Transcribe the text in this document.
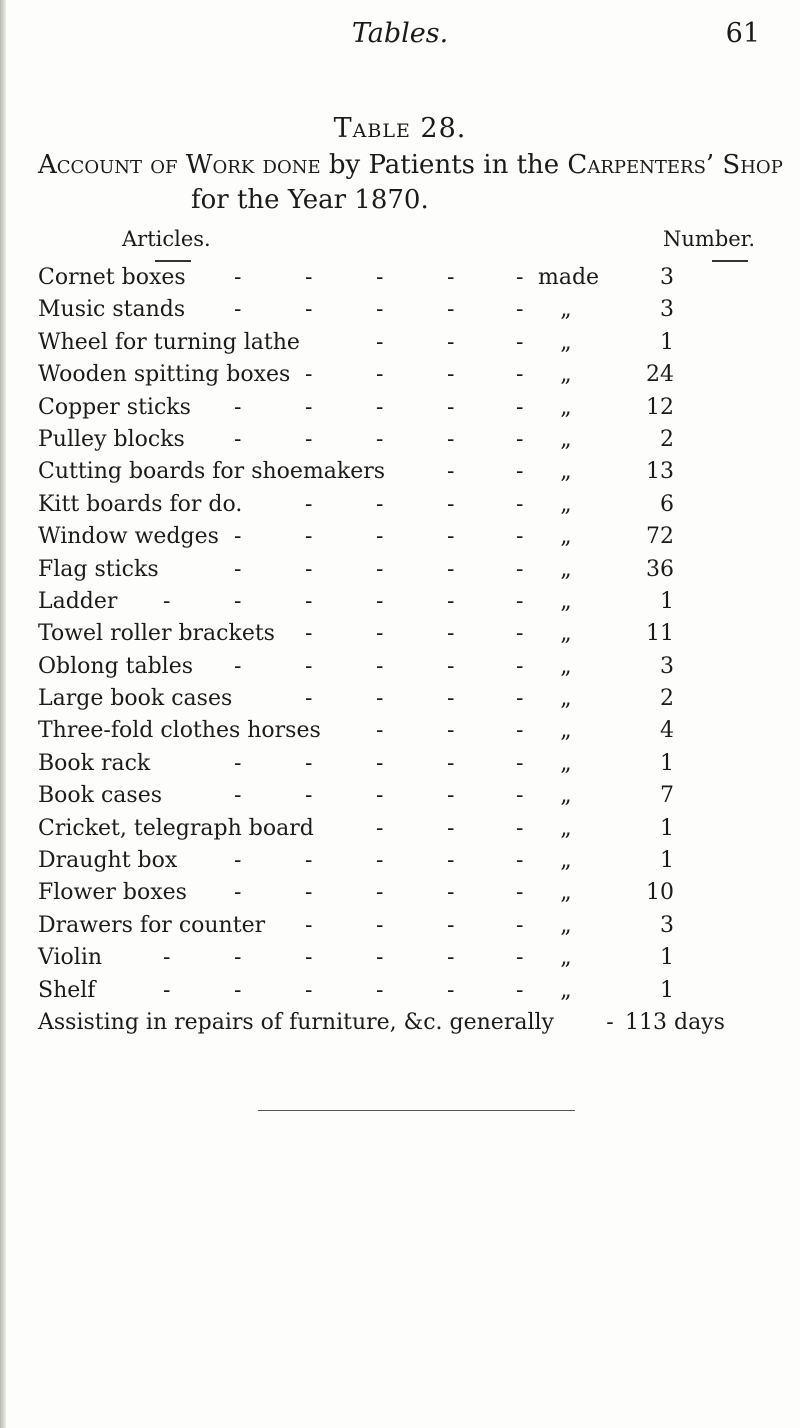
Tables.	61
Table 28.
Account of Work done by Patients in the Carpenters’ Shop
for the Year 1870.
Articles.	Number.
Cornet boxes	made	3
-	-	-	-	-
Music stands	„	3
-	-	-	-	-
Wheel for turning lathe	„	1
-	-	-
Wooden spitting boxes	„	24
-	-	-	-
Copper sticks	„	12
-	-	-	-	-
Pulley blocks	„	2
-	-	-	-	-
Cutting boards for shoemakers	„	13
-	-
Kitt boards for do.	„	6
-	-	-	-
Window wedges	„	72
-	-	-	-	-
Flag sticks	„	36
-	-	-	-	-
Ladder	„	1
-	-	-	-	-	-
Towel roller brackets	„	11
-	-	-	-
Oblong tables	„	3
-	-	-	-	-
Large book cases	„	2
-	-	-	-
Three-fold clothes horses	„	4
-	-	-
Book rack	„	1
-	-	-	-	-
Book cases	„	7
-	-	-	-	-
Cricket, telegraph board	„	1
-	-	-
Draught box	„	1
-	-	-	-	-
Flower boxes	„	10
-	-	-	-	-
Drawers for counter	„	3
-	-	-	-
Violin	„	1
-	-	-	-	-	-
Shelf	„	1
-	-	-	-	-	-
Assisting in repairs of furniture, &c. generally - 113 days
